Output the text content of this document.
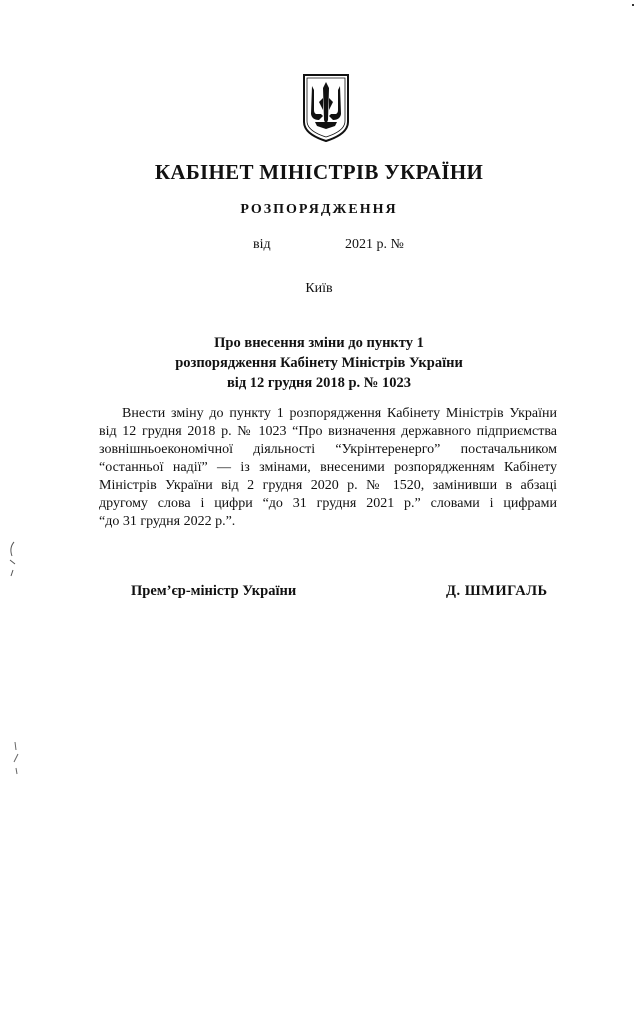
КАБІНЕТ МІНІСТРІВ УКРАЇНИ
РОЗПОРЯДЖЕННЯ
від	2021 р. №
Київ
Про внесення зміни до пункту 1
розпорядження Кабінету Міністрів України
від 12 грудня 2018 р. № 1023
Внести зміну до пункту 1 розпорядження Кабінету Міністрів України
від 12 грудня 2018 р. № 1023 “Про визначення державного підприємства
зовнішньоекономічної діяльності “Укрінтеренерго” постачальником
“останньої надії” — із змінами, внесеними розпорядженням Кабінету
Міністрів України від 2 грудня 2020 р. № 1520, замінивши в абзаці
другому слова і цифри “до 31 грудня 2021 р.” словами і цифрами
“до 31 грудня 2022 р.”.
Прем’єр-міністр України	Д. ШМИГАЛЬ
